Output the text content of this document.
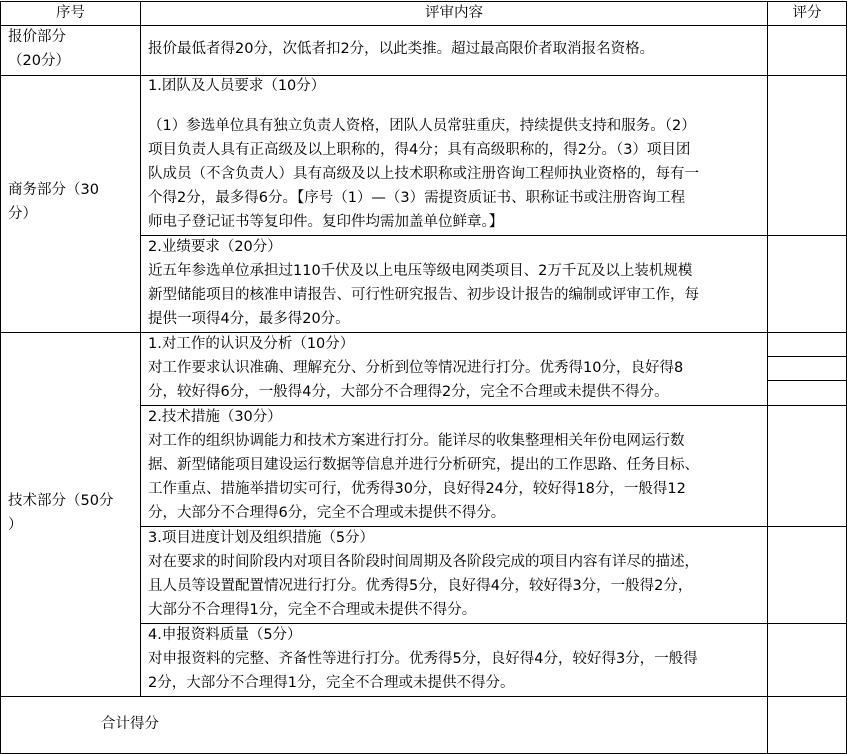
序号	评审内容	评分
报价部分
（20分）
报价最低者得20分，次低者扣2分，以此类推。超过最高限价者取消报名资格。
商务部分（30
分）
1.团队及人员要求（10分）
（1）参选单位具有独立负责人资格，团队人员常驻重庆，持续提供支持和服务。（2）
项目负责人具有正高级及以上职称的，得4分；具有高级职称的，得2分。（3）项目团
队成员（不含负责人）具有高级及以上技术职称或注册咨询工程师执业资格的，每有一
个得2分，最多得6分。【序号（1）—（3）需提资质证书、职称证书或注册咨询工程
师电子登记证书等复印件。复印件均需加盖单位鲜章。】
2.业绩要求（20分）
近五年参选单位承担过110千伏及以上电压等级电网类项目、2万千瓦及以上装机规模
新型储能项目的核准申请报告、可行性研究报告、初步设计报告的编制或评审工作，每
提供一项得4分，最多得20分。
技术部分（50分
）
1.对工作的认识及分析（10分）
对工作要求认识准确、理解充分、分析到位等情况进行打分。优秀得10分，良好得8
分，较好得6分，一般得4分，大部分不合理得2分，完全不合理或未提供不得分。
2.技术措施（30分）
对工作的组织协调能力和技术方案进行打分。能详尽的收集整理相关年份电网运行数
据、新型储能项目建设运行数据等信息并进行分析研究，提出的工作思路、任务目标、
工作重点、措施举措切实可行，优秀得30分，良好得24分，较好得18分，一般得12
分，大部分不合理得6分，完全不合理或未提供不得分。
3.项目进度计划及组织措施（5分）
对在要求的时间阶段内对项目各阶段时间周期及各阶段完成的项目内容有详尽的描述，
且人员等设置配置情况进行打分。优秀得5分，良好得4分，较好得3分，一般得2分，
大部分不合理得1分，完全不合理或未提供不得分。
4.申报资料质量（5分）
对申报资料的完整、齐备性等进行打分。优秀得5分，良好得4分，较好得3分，一般得
2分，大部分不合理得1分，完全不合理或未提供不得分。
合计得分
